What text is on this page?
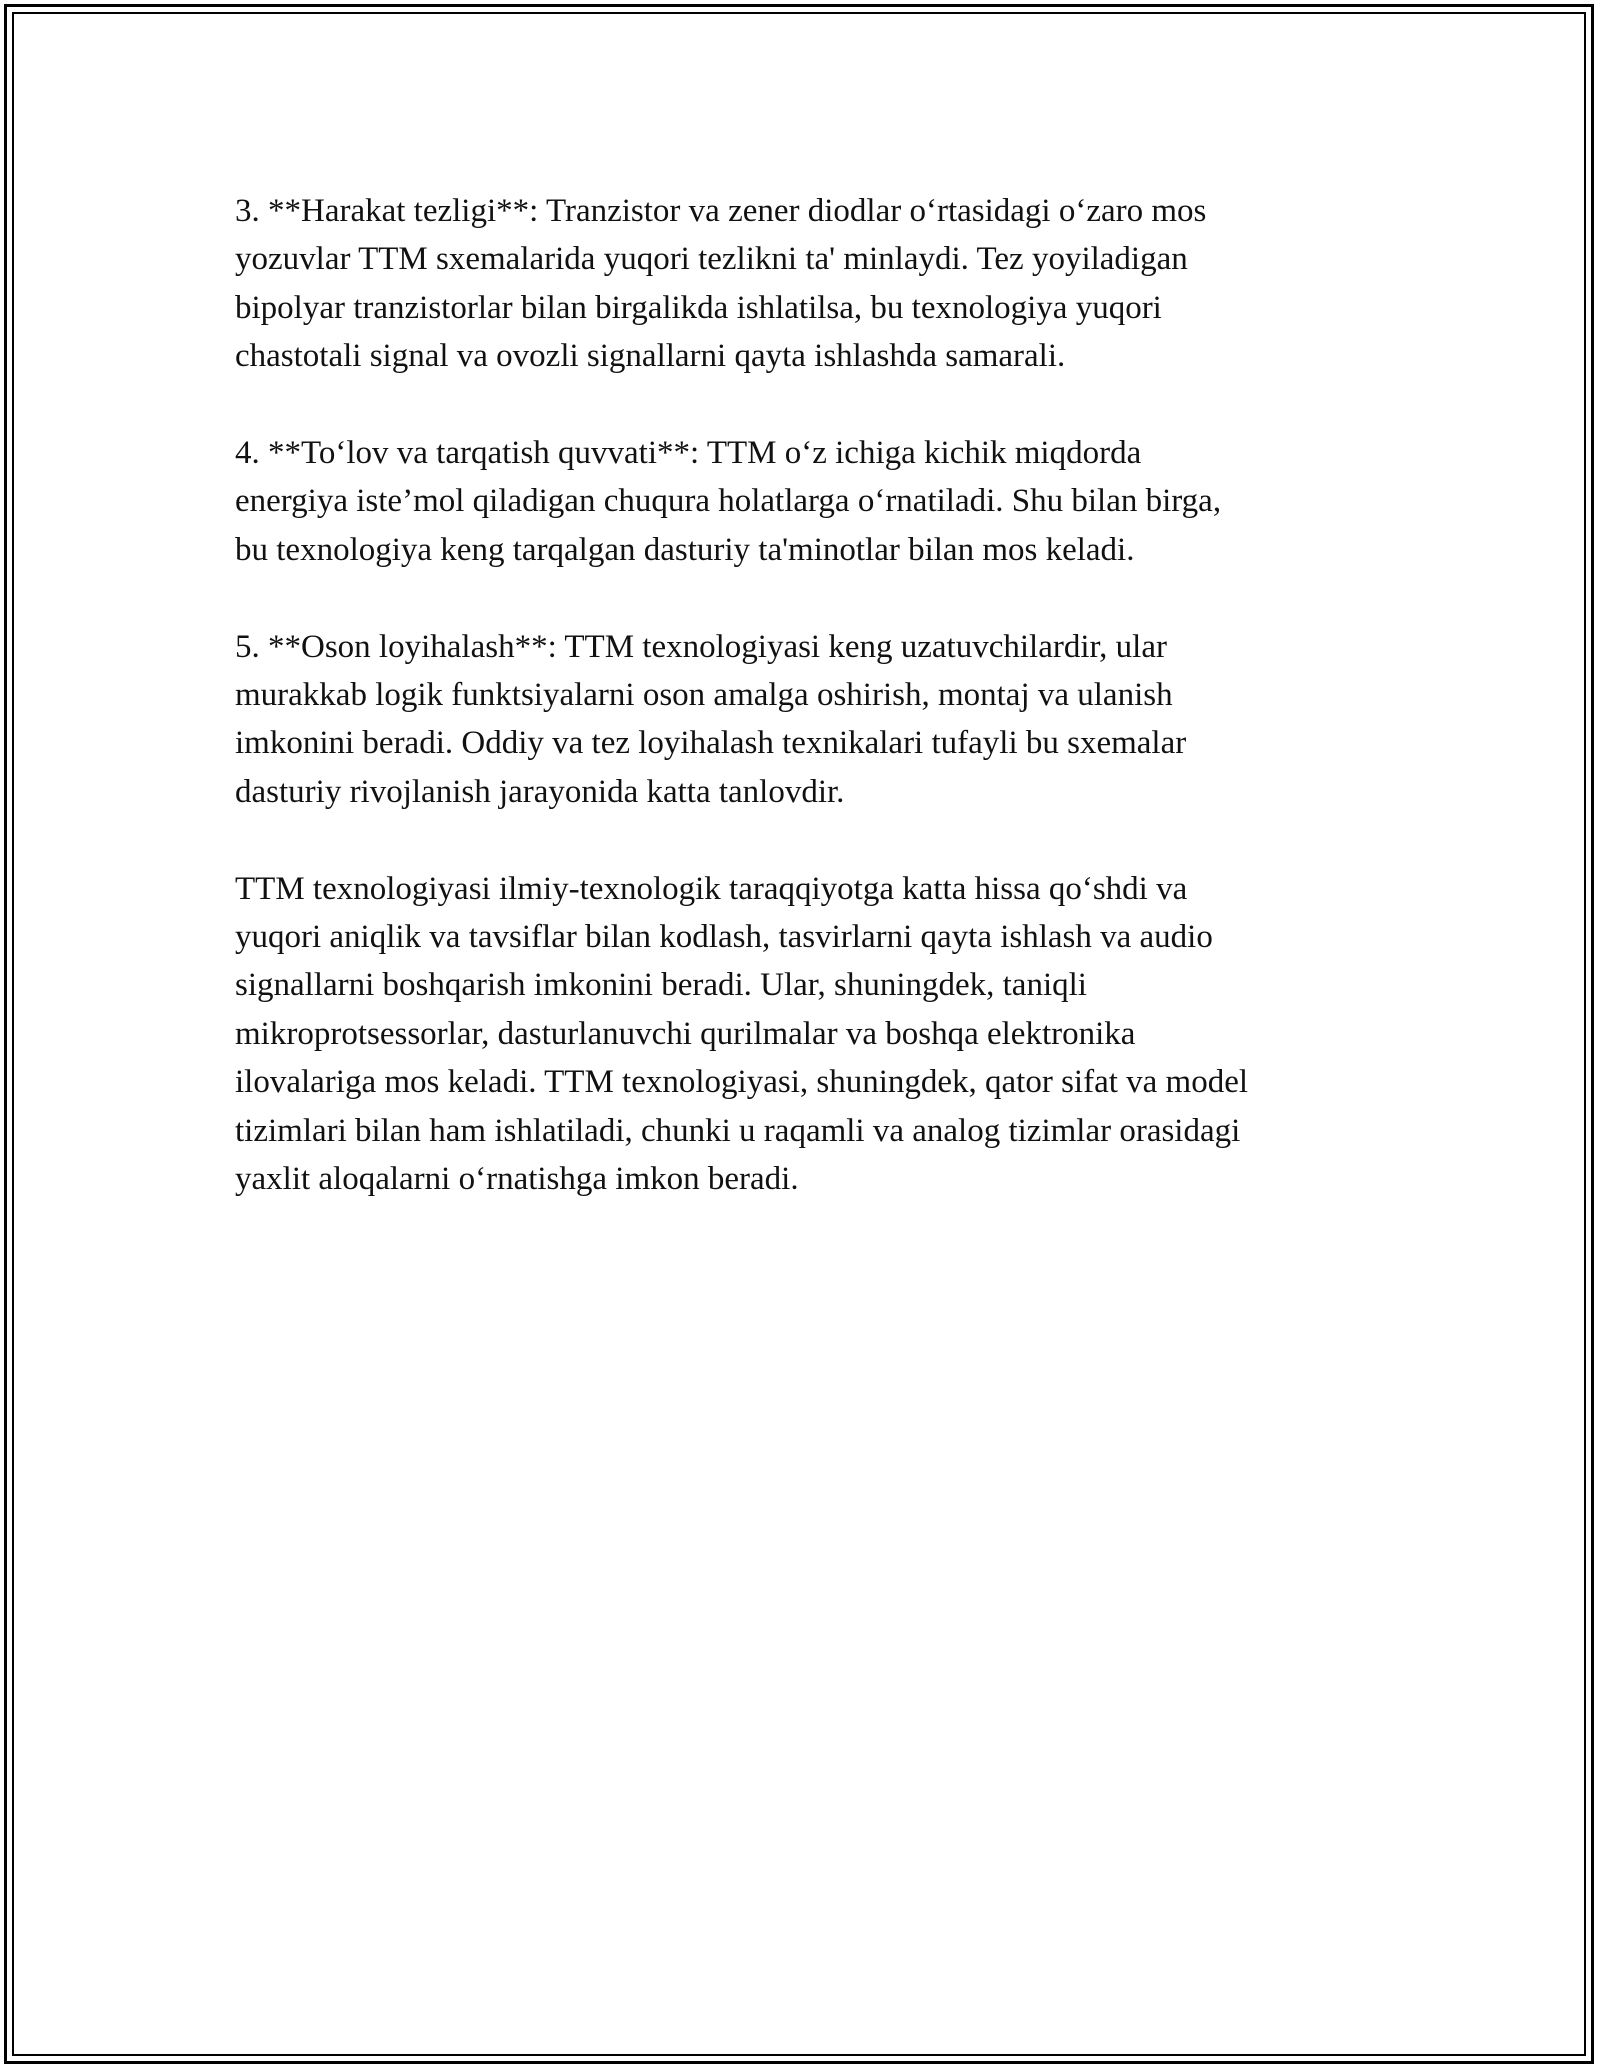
3. **Harakat tezligi**: Tranzistor va zener diodlar oʻrtasidagi oʻzaro mos
yozuvlar TTM sxemalarida yuqori tezlikni ta' minlaydi. Tez yoyiladigan
bipolyar tranzistorlar bilan birgalikda ishlatilsa, bu texnologiya yuqori
chastotali signal va ovozli signallarni qayta ishlashda samarali.

4. **Toʻlov va tarqatish quvvati**: TTM oʻz ichiga kichik miqdorda
energiya iste’mol qiladigan chuqura holatlarga oʻrnatiladi. Shu bilan birga,
bu texnologiya keng tarqalgan dasturiy ta'minotlar bilan mos keladi.

5. **Oson loyihalash**: TTM texnologiyasi keng uzatuvchilardir, ular
murakkab logik funktsiyalarni oson amalga oshirish, montaj va ulanish
imkonini beradi. Oddiy va tez loyihalash texnikalari tufayli bu sxemalar
dasturiy rivojlanish jarayonida katta tanlovdir.

TTM texnologiyasi ilmiy-texnologik taraqqiyotga katta hissa qoʻshdi va
yuqori aniqlik va tavsiflar bilan kodlash, tasvirlarni qayta ishlash va audio
signallarni boshqarish imkonini beradi. Ular, shuningdek, taniqli
mikroprotsessorlar, dasturlanuvchi qurilmalar va boshqa elektronika
ilovalariga mos keladi. TTM texnologiyasi, shuningdek, qator sifat va model
tizimlari bilan ham ishlatiladi, chunki u raqamli va analog tizimlar orasidagi
yaxlit aloqalarni oʻrnatishga imkon beradi.
